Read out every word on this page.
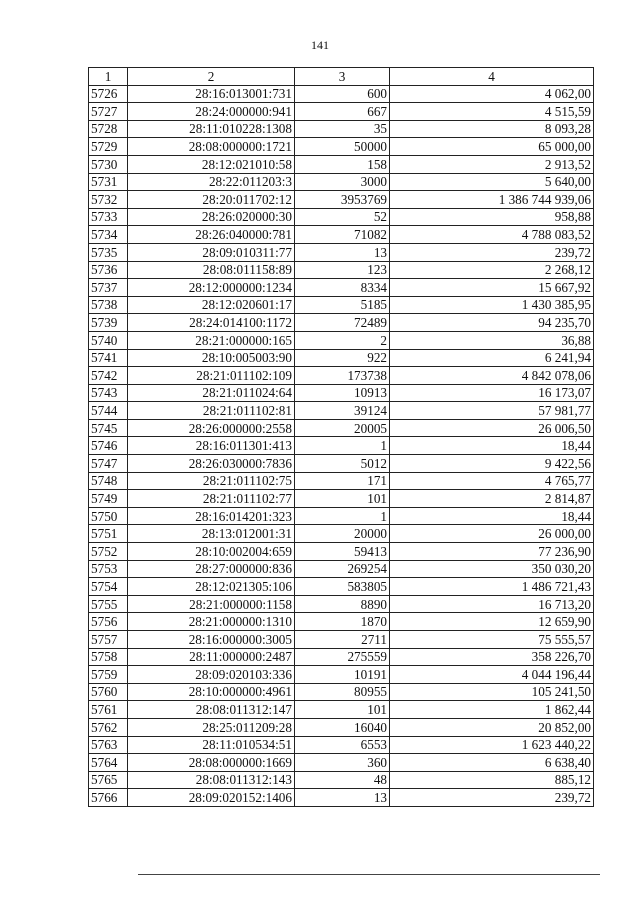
141
1	2	3	4
5726	28:16:013001:731	600	4 062,00
5727	28:24:000000:941	667	4 515,59
5728	28:11:010228:1308	35	8 093,28
5729	28:08:000000:1721	50000	65 000,00
5730	28:12:021010:58	158	2 913,52
5731	28:22:011203:3	3000	5 640,00
5732	28:20:011702:12	3953769	1 386 744 939,06
5733	28:26:020000:30	52	958,88
5734	28:26:040000:781	71082	4 788 083,52
5735	28:09:010311:77	13	239,72
5736	28:08:011158:89	123	2 268,12
5737	28:12:000000:1234	8334	15 667,92
5738	28:12:020601:17	5185	1 430 385,95
5739	28:24:014100:1172	72489	94 235,70
5740	28:21:000000:165	2	36,88
5741	28:10:005003:90	922	6 241,94
5742	28:21:011102:109	173738	4 842 078,06
5743	28:21:011024:64	10913	16 173,07
5744	28:21:011102:81	39124	57 981,77
5745	28:26:000000:2558	20005	26 006,50
5746	28:16:011301:413	1	18,44
5747	28:26:030000:7836	5012	9 422,56
5748	28:21:011102:75	171	4 765,77
5749	28:21:011102:77	101	2 814,87
5750	28:16:014201:323	1	18,44
5751	28:13:012001:31	20000	26 000,00
5752	28:10:002004:659	59413	77 236,90
5753	28:27:000000:836	269254	350 030,20
5754	28:12:021305:106	583805	1 486 721,43
5755	28:21:000000:1158	8890	16 713,20
5756	28:21:000000:1310	1870	12 659,90
5757	28:16:000000:3005	2711	75 555,57
5758	28:11:000000:2487	275559	358 226,70
5759	28:09:020103:336	10191	4 044 196,44
5760	28:10:000000:4961	80955	105 241,50
5761	28:08:011312:147	101	1 862,44
5762	28:25:011209:28	16040	20 852,00
5763	28:11:010534:51	6553	1 623 440,22
5764	28:08:000000:1669	360	6 638,40
5765	28:08:011312:143	48	885,12
5766	28:09:020152:1406	13	239,72
